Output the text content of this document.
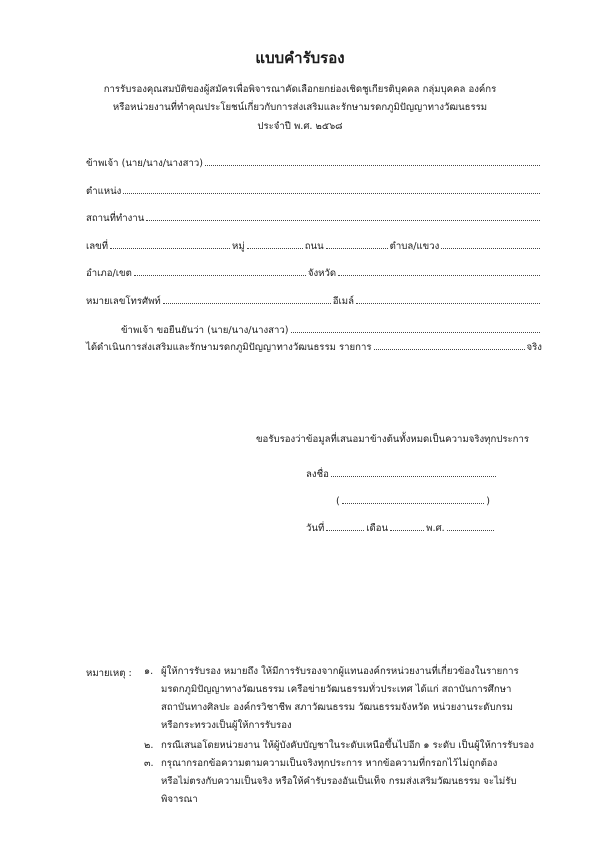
แบบคำรับรอง
การรับรองคุณสมบัติของผู้สมัครเพื่อพิจารณาคัดเลือกยกย่องเชิดชูเกียรติบุคคล กลุ่มบุคคล องค์กร
หรือหน่วยงานที่ทำคุณประโยชน์เกี่ยวกับการส่งเสริมและรักษามรดกภูมิปัญญาทางวัฒนธรรม
ประจำปี พ.ศ. ๒๕๖๘
ข้าพเจ้า (นาย/นาง/นางสาว)
ตำแหน่ง
สถานที่ทำงาน
เลขที่	หมู่	ถนน	ตำบล/แขวง
อำเภอ/เขต	จังหวัด
หมายเลขโทรศัพท์	อีเมล์
ข้าพเจ้า ขอยืนยันว่า (นาย/นาง/นางสาว)
ได้ดำเนินการส่งเสริมและรักษามรดกภูมิปัญญาทางวัฒนธรรม รายการ	จริง
ขอรับรองว่าข้อมูลที่เสนอมาข้างต้นทั้งหมดเป็นความจริงทุกประการ
ลงชื่อ
(	)
วันที่	เดือน	พ.ศ.
หมายเหตุ : ๑. ผู้ให้การรับรอง หมายถึง ให้มีการรับรองจากผู้แทนองค์กรหน่วยงานที่เกี่ยวข้องในรายการ
มรดกภูมิปัญญาทางวัฒนธรรม เครือข่ายวัฒนธรรมทั่วประเทศ ได้แก่ สถาบันการศึกษา
สถาบันทางศิลปะ องค์กรวิชาชีพ สภาวัฒนธรรม วัฒนธรรมจังหวัด หน่วยงานระดับกรม
หรือกระทรวงเป็นผู้ให้การรับรอง
๒. กรณีเสนอโดยหน่วยงาน ให้ผู้บังคับบัญชาในระดับเหนือขึ้นไปอีก ๑ ระดับ เป็นผู้ให้การรับรอง
๓. กรุณากรอกข้อความตามความเป็นจริงทุกประการ หากข้อความที่กรอกไว้ไม่ถูกต้อง
หรือไม่ตรงกับความเป็นจริง หรือให้คำรับรองอันเป็นเท็จ กรมส่งเสริมวัฒนธรรม จะไม่รับพิจารณา
